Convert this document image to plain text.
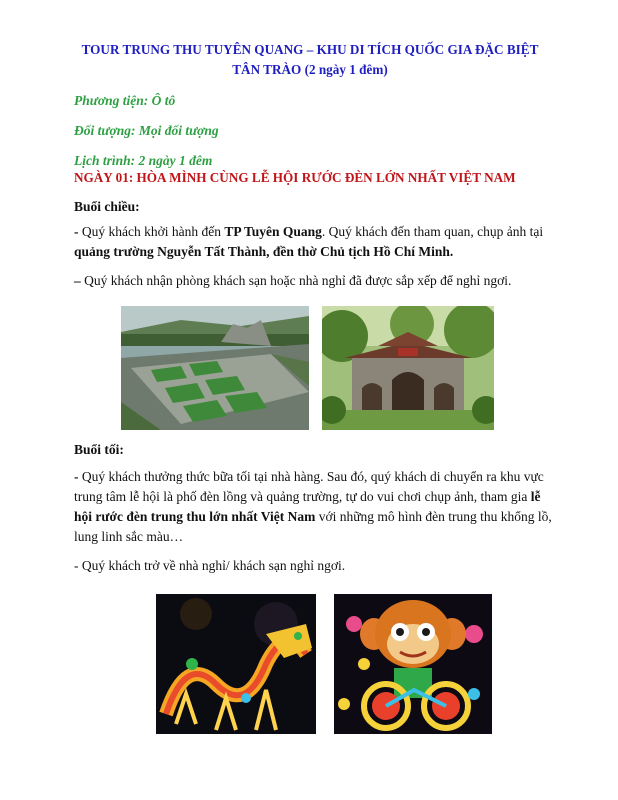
TOUR TRUNG THU TUYÊN QUANG – KHU DI TÍCH QUỐC GIA ĐẶC BIỆT
TÂN TRÀO (2 ngày 1 đêm)
Phương tiện: Ô tô
Đối tượng: Mọi đối tượng
Lịch trình: 2 ngày 1 đêm
NGÀY 01: HÒA MÌNH CÙNG LỄ HỘI RƯỚC ĐÈN LỚN NHẤT VIỆT NAM
Buổi chiều:
- Quý khách khởi hành đến TP Tuyên Quang. Quý khách đến tham quan, chụp ảnh tại quảng trường Nguyễn Tất Thành, đền thờ Chủ tịch Hồ Chí Minh.
– Quý khách nhận phòng khách sạn hoặc nhà nghỉ đã được sắp xếp để nghỉ ngơi.
Buổi tối:
- Quý khách thưởng thức bữa tối tại nhà hàng. Sau đó, quý khách di chuyển ra khu vực trung tâm lễ hội là phố đèn lồng và quảng trường, tự do vui chơi chụp ảnh, tham gia lễ hội rước đèn trung thu lớn nhất Việt Nam với những mô hình đèn trung thu khổng lồ, lung linh sắc màu…
- Quý khách trở về nhà nghỉ/ khách sạn nghỉ ngơi.
